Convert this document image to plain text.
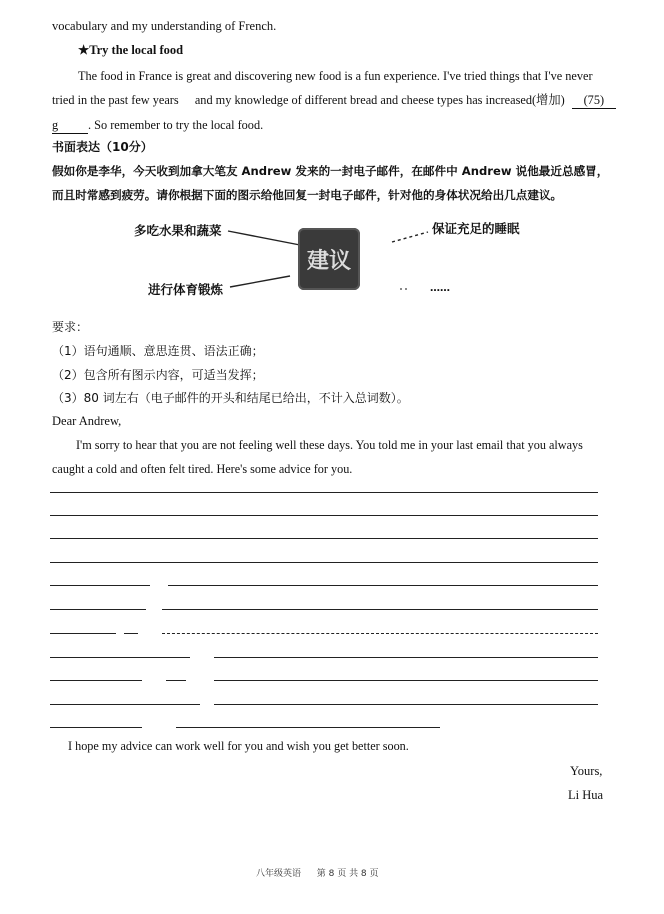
vocabulary and my understanding of French.
★Try the local food
The food in France is great and discovering new food is a fun experience. I've tried things that I've never
tried in the past few years and my knowledge of different bread and cheese types has increased(增加) (75)
g . So remember to try the local food.
书面表达（10分）
假如你是李华，今天收到加拿大笔友 Andrew 发来的一封电子邮件，在邮件中 Andrew 说他最近总感冒，
而且时常感到疲劳。请你根据下面的图示给他回复一封电子邮件，针对他的身体状况给出几点建议。
多吃水果和蔬菜	保证充足的睡眠
进行体育锻炼	……
建议
要求：
（1）语句通顺、意思连贯、语法正确；
（2）包含所有图示内容，可适当发挥；
（3）80 词左右（电子邮件的开头和结尾已给出，不计入总词数）。
Dear Andrew,
I'm sorry to hear that you are not feeling well these days. You told me in your last email that you always
caught a cold and often felt tired. Here's some advice for you.
I hope my advice can work well for you and wish you get better soon.
Yours,
Li Hua
八年级英语 第 8 页 共 8 页
